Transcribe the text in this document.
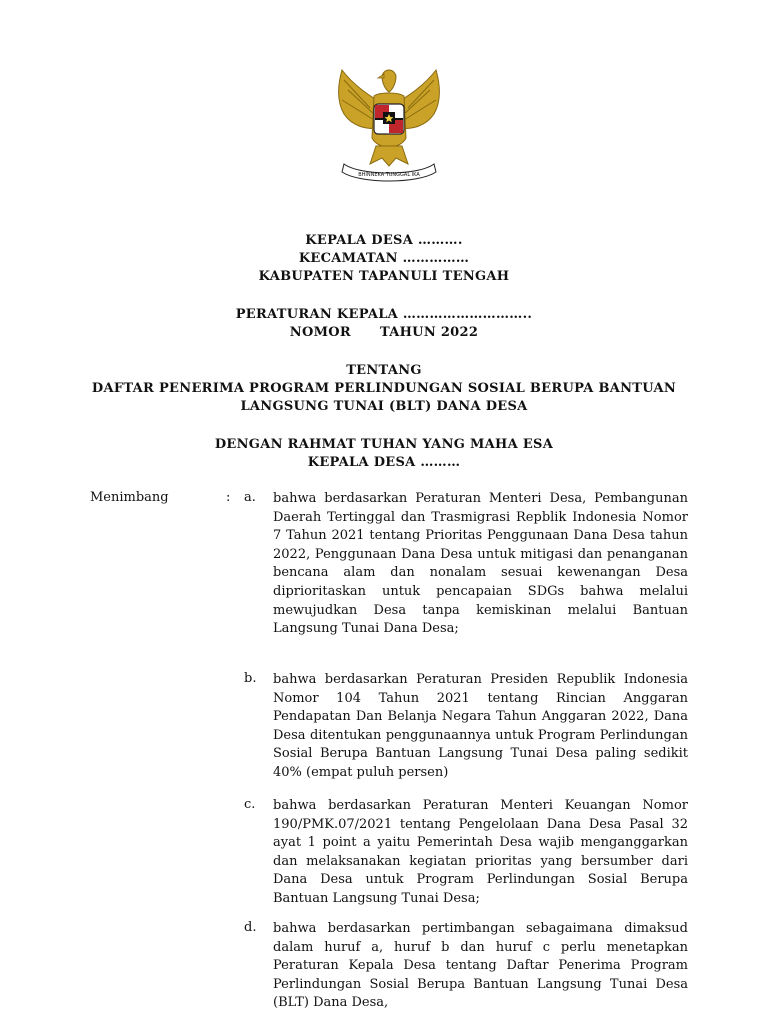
BHINNEKA TUNGGAL IKA
KEPALA DESA ……….
KECAMATAN ……………
KABUPATEN TAPANULI TENGAH
PERATURAN KEPALA ………………………..
NOMOR      TAHUN 2022
TENTANG
DAFTAR PENERIMA PROGRAM PERLINDUNGAN SOSIAL BERUPA BANTUAN
LANGSUNG TUNAI (BLT) DANA DESA
DENGAN RAHMAT TUHAN YANG MAHA ESA
KEPALA DESA ………
Menimbang	: a.	bahwa berdasarkan Peraturan Menteri Desa, Pembangunan Daerah Tertinggal dan Trasmigrasi Repblik Indonesia Nomor 7 Tahun 2021 tentang Prioritas Penggunaan Dana Desa tahun 2022, Penggunaan Dana Desa untuk mitigasi dan penanganan bencana alam dan nonalam sesuai kewenangan Desa diprioritaskan untuk pencapaian SDGs bahwa melalui mewujudkan Desa tanpa kemiskinan melalui Bantuan Langsung Tunai Dana Desa;
b.	bahwa berdasarkan Peraturan Presiden Republik Indonesia Nomor 104 Tahun 2021 tentang Rincian Anggaran Pendapatan Dan Belanja Negara Tahun Anggaran 2022, Dana Desa ditentukan penggunaannya untuk Program Perlindungan Sosial Berupa Bantuan Langsung Tunai Desa paling sedikit 40% (empat puluh persen)
c.	bahwa berdasarkan Peraturan Menteri Keuangan Nomor 190/PMK.07/2021 tentang Pengelolaan Dana Desa Pasal 32 ayat 1 point a yaitu Pemerintah Desa wajib menganggarkan dan melaksanakan kegiatan prioritas yang bersumber dari Dana Desa untuk Program Perlindungan Sosial Berupa Bantuan Langsung Tunai Desa;
d.	bahwa berdasarkan pertimbangan sebagaimana dimaksud dalam huruf a, huruf b dan huruf c perlu menetapkan Peraturan Kepala Desa tentang Daftar Penerima Program Perlindungan Sosial Berupa Bantuan Langsung Tunai Desa (BLT) Dana Desa,
